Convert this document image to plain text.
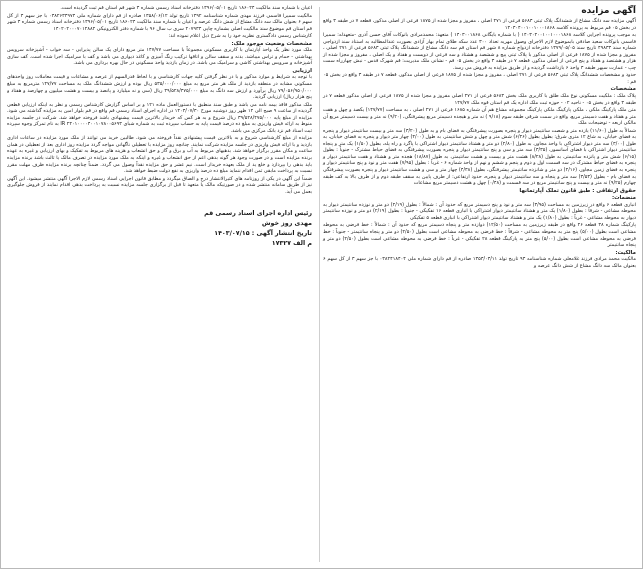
آگهی مزایده

آگهی مزایده سه دانگ مشاع از ششدانگ پلاک ثبتی ۵۶۸۳ فرعی از ۲۷۱ اصلی ، مفروز و مجزا شده از ۱۸۷۵ فرعی از اصلی مذکور، قطعه ۷ در طبقه ۳ واقع در بخش ۰۵ قم مربوط به پرونده کلاسه ۱۴۰۳۰۴۰۰۱۰۰۱۰۰۰۱۸۶۸

به موجب پرونده اجرایی کلاسه ۱۴۰۳۰۴۰۰۱۰۰۱۰۰۰۱۸۶۸ ( با شماره بایگانی ۱۴۰۳۰۰۱۸۶۸ ) متعهد: محمدمرادی بانوکات آقای حسن آذری -متعهدله: سمیرا قاسمی بانوکات سعید صادقی بابموضوع لازم الاجرای وصول مهریه تعداد ۳۰۰ عدد سکه طلای تمام بهار آزادی بصورت عندالمطالبه به استناد سند ازدواجی شماره سند ۴۹۸۳۳ تاریخ سند ۱۳۷۹/۰۵/۰۵ دفترخانه ازدواج شماره ۸ شهر قم استان قم سه دانگ مشاع از ششدانگ پلاک ثبتی ۵۶۸۳ فرعی از ۲۷۱ اصلی ، مفروز و مجزا شده از ۱۸۷۵ فرعی از اصلی مذکور با پلاک ثبتی پیچ و ششصد و هشتاد و سه فرعی از دویست و هفتاد و یک اصلی ، مفروز و مجزا شده از هزار و هشتصد و هفتاد و پنج فرعی از اصلی مذکور، قطعه ۷ در طبقه ۳ واقع در بخش ۰۵ قم - نشانی ملک مدیریت: قم شهرک قدس - نبش چهارراه سمت چپ - عمارت سپهر طبقه ۳ واحد ۶ بازداشت گردیده و از طریق مزایده به فروش می رسد.

حدود و مشخصات ششدانگ پلاک ثبتی ۵۶۸۳ فرعی از ۲۷۱ اصلی ، مفروز و مجزا شده از ۱۸۷۵ فرعی از اصلی مذکور، قطعه ۷ در طبقه ۳ واقع در بخش ۰۵ قم :

مشخصات

پلاک ملک : ملکیت مسکونی نوع ملک طلق با کاربری ملک بخش ۵۶۸۳ فرعی از ۲۷۱ اصلی مفروز و مجزا شده از ۱۸۷۵ فرعی از اصلی مذکور قطعه ۷ در طبقه ۳ واقع در بخش ۰۵ - ناحیه ۰۲ - حوزه ثبت ملک اداره یک قم استان قوه ملک ۱۴۷/۷۷

متن ملک پارکینگ ملکی ، ملکی پارکینگ ملکی پارکینگ مجموعه مشاع هم آن شماره ۱۶۸۵ فرعی از ۲۷۱ اصلی ، به مساحت (۱۴۷/۷۷) یکصد و چهل و هفت متر و هفتاد و هفت دسیمتر مربع، واقع در سمت شرقی طبقه سوم (۹/۱۸ ) نه متر و هیجده دسیمتر مربع پیشرفتگی، (۹/۲۰) نه متر و بیست دسیمتر مربع آن مالکی اربعه - توضیحات ملک

شمالاً به طول (۱۱/۶۰) یازده متر و شصت سانتیمتر دیوار و پنجره بصورت پیشرفتگی به فضای بام و به طول (۳/۲۰) سه متر و بیست سانتیمتر دیوار و پنجره به فضای خیابان، به شاع ۱۲ متری شرق: بطول بطول (۶/۴۶) شش متر و چهل و شش سانتیمتر، به طول (۴/۰۰) چهار متر دیوار و پنجره به فضای خیابان، به طول (۳/۰۰) سه متر دیوار اشتراکی با واحد مجاور، به طول (۲/۸۰) دو متر و هشتاد سانتیمتر دیوار اشتراکی با پاگرد و راه پله، بطول (۱/۵۰) یک متر و پنجاه سانتیمتر دیوار اشتراکی با فضای آسانسور، (۳/۳۵) سه متر و سی و پنج سانتیمتر دیوار و پنجره بصورت پیشرفتگی به فضای حیاط مشترک - جنوباً : بطول (۶/۱۵) شش متر و پانزده سانتیمتر، به طول (۸/۲۸) هشت متر و بیست و هشت سانتیمتر، به طول (۱۸/۸۷) هجده متر و هشتاد و هفت سانتیمتر دیوار و پنجره به فضای حیاط مشترک در سه قسمت اول و دوم و پنجم و ششم و نهم از واحد شماره ۶ - غرباً : بطول (۷/۹۵) هفت متر و نود و پنج سانتیمتر دیوار و پنجره به فضای زمین مجاور، (۲/۱۶) دو متر و شانزده سانتیمتر پیشرفتگی، بطول (۴/۳۸) چهار متر و سی و هشت سانتیمتر دیوار و پنجره بصورت پیشرفتگی به فضای بام - بطول (۳/۵۳) سه متر و پنجاه و سه سانتیمتر دیوار و پنجره، حدود ارتفاعی: از طرف پایین به سقف طبقه دوم و از طرف بالا به کف طبقه چهارم (۹/۲۵) نه متر و بیست و پنج سانتیمتر مربع در سه قسمت و (۰/۴۸) چهل و هشت دسیمتر مربع مشاعات

حقوق ارتفاقی : طبق قانون تملک آپارتمانها
منضمات:

انباری قطعه ۶ واقع در زیرزمین به مساحت (۳/۹۵) سه متر و نود و پنج دسیمتر مربع که حدود آن : شمالاً : بطول (۲/۱۹) دو متر و نوزده سانتیمتر دیوار به محوطه مشاعی - شرقاً : بطول (۱/۸۰) یک متر و هشتاد سانتیمتر دیوار اشتراکی با انباری قطعه ۱۶ تفکیکی - جنوباً : بطول (۲/۱۹) دو متر و نوزده سانتیمتر دیوار به محوطه مشاعی - غرباً : بطول (۱/۸۰) یک متر و هشتاد سانتیمتر دیوار اشتراکی با انباری قطعه ۵ تفکیکی

پارکینگ شماره ۳۸ قطعه ۲۶ واقع در طبقه زیرزمین به مساحت (۱۲/۵۰) دوازده متر و پنجاه دسیمتر مربع که حدود آن : شمالاً : خط فرضی به محوطه مشاعی است بطول (۵/۰۰) پنج متر به محوطه مشاعی - شرقاً : خط فرضی به محوطه مشاعی است بطول (۲/۵۰) دو متر و پنجاه سانتیمتر - جنوباً : خط فرضی به محوطه مشاعی است بطول (۵/۰۰) پنج متر به پارکینگ قطعه ۲۸ تفکیکی - غرباً : خط فرضی به محوطه مشاعی است بطول (۲/۵۰) دو متر و پنجاه سانتیمتر

مالکیت:

مالکیت محمد مرادی فرزند غلامعلی شماره شناسنامه ۹۳ تاریخ تولد ۱۳۵۳/۰۳/۱۱ صادره از قم دارای شماره ملی ۰۳۸۲۴۱۸۴۰۴ با جز سهم ۳ از کل سهم ۶ بعنوان مالک سه دانگ مشاع از شش دانگ عرصه و

اعیان با شماره سند مالکیت ۱۸۶۰۲۴ تاریخ ۱۳۹۶/۰۵/۰۱ دفترخانه اسناد رسمی شماره ۳ شهر قم استان قم ثبت گردیده است.

مالکیت سمیرا قاسمی فرزند مهدی شماره شناسنامه ۱۴۹۲ تاریخ تولد ۱۳۵۸/۰۶/۱۲ صادره از قم دارای شماره ملی ۰۳۸۲۶۳۴۹۷۴ با جز سهم ۳ از کل سهم ۶ بعنوان مالک سه دانگ مشاع از شش دانگ عرصه و اعیان با شماره سند مالکیت ۱۸۶۰۲۴ تاریخ ۱۳۹۶/۰۵/۰۱ دفترخانه اسناد رسمی شماره ۳ شهر قم استان قم موضوع سند مالکیت اصلی بشماره چاپی ۲۰۷۹۳۳ سری ب سال ۹۶ با شماره دفتر الکترونیکی ۱۴۰۲۰۲۰۰۰۷۰۱۲۸۸۲

کارشناس رسمی دادگستری نظریه خود را به شرح ذیل اعلام نموده اند:

مشخصات وضعیت موجود ملک:

ملک مورد نظر یک واحد آپارتمان با کاربری مسکونی مجموعاً با مساحت ۱۴۷/۷۷ متر مربع دارای یک سالن پذیرایی - سه خواب - آشپزخانه سرویس بهداشتی - حمام و تراس میباشد. بدنه و سقف سالن و اتاقها ترکیب رنگ آمیزی و کاغذ دیواری می باشد و کف با سرامیک اجرا شده است. کف سازی آشپزخانه و سرویس بهداشتی کاشی و سرامیک می باشد. در زمان بازدید واحد مسکونی در حال بهره برداری می باشد.

ارزیابی

با توجه به شرایط و موارد مذکور و با در نظر گرفتن کلیه جهات کارشناسی و با لحاظ قدرالسهم از عرصه و مشاعات و قیمت معاملات روز واحدهای مسکونی مشابه در منطقه بازدید از ملک هر متر مربع به مبلغ ۵۳۵/۰۰۰/۰۰۰ ریال بوده و ارزش ششدانگ ملک به مساحت ۱۴۷/۷۷ مترمربع به مبلغ ۷۹/۰۵۶/۹۵۰/۰۰۰ ریال برآورد و ارزش سه دانگ به مبلغ ۳۹/۵۲۸/۴۷۵/۰۰۰ ریال (سی و نه میلیارد و پانصد و بیست و هشت میلیون و چهارصد و هفتاد و پنج هزار ریال) ارزیابی گردید.

ملک مذکور فاقد بیمه نامه می باشد و طبق سند منطبق با دستورالعمل ماده ۱۲۱ و بر اساس گزارش کارشناس رسمی و نظر به اینکه ارزیابی قطعی گردیده از ساعت ۹ صبح الی ۱۲ ظهر روز دوشنبه مورخ ۱۴۰۳/۰۷/۳۰ در اداره اجرای اسناد رسمی قم واقع در قم بلوار امین به مزایده گذاشته می شود. مزایده از مبلغ پایه ۳۹/۵۲۸/۴۷۵/۰۰۰ ریال شروع و به هر کس که خریدار بالاترین قیمت پیشنهادی باشد فروخته خواهد شد. شرکت در جلسه مزایده منوط به ارائه فیش واریزی به مبلغ ده درصد قیمت پایه به حساب سپرده ثبت به شماره شبای IR ۲۴۰۱۰۰۰۰۴۰۰۱۰۷۸۰۰۵۶۹۳ به نام تمرکز وجوه سپرده ثبت اسناد قم نزد بانک مرکزی می باشد.

مزایده از مبلغ کارشناسی شروع و به بالاترین قیمت پیشنهادی نقداً فروخته می شود. طالبین خرید می توانند از ملک مورد مزایده در ساعات اداری بازدید و با ارائه فیش واریزی در جلسه مزایده شرکت نمایند. چنانچه روز مزایده با تعطیلی ناگهانی مواجه گردد مزایده روز اداری بعد از تعطیلی در همان ساعت و مکان مقرر برگزار خواهد شد. بدهیهای مربوط به آب و برق و گاز و حق انشعاب و هزینه های مربوط به تفکیک و بهای ارزیابی و غیره به عهده برنده مزایده است و در صورت وجود هر گونه بدهی اعم از حق انشعاب و غیره و اینکه به ملک مورد مزایده در تصرف مالک یا ثالث باشد برنده مزایده باید بدهی را بپردازد و خلع ید از ملک بعهده خریدار است. نیم عشر و حق مزایده نقداً وصول می گردد. ضمناً چنانچه برنده مزایده ظرف مهلت مقرر نسبت به پرداخت مابقی ثمن اقدام ننماید مبلغ ده درصد واریزی به نفع دولت ضبط خواهد شد.

ضمناً این آگهی در یکی از روزنامه های کثیرالانتشار درج و الصاق میگردد و مطابق قانون اجرایی اسناد رسمی لازم الاجرا آگهی منتشر میشود. این آگهی نیز از طریق سامانه منتشر شده و در صورتیکه مالک یا متعهد تا قبل از برگزاری جلسه مزایده نسبت به پرداخت بدهی اقدام نمایند از فروش جلوگیری بعمل می آید.

رئیس اداره اجرای اسناد رسمی قم
مهدی روز خوش
تاریخ انتشار آگهی : ۱۴۰۳/۰۷/۱۵
م الف ۱۷۳۲۷
